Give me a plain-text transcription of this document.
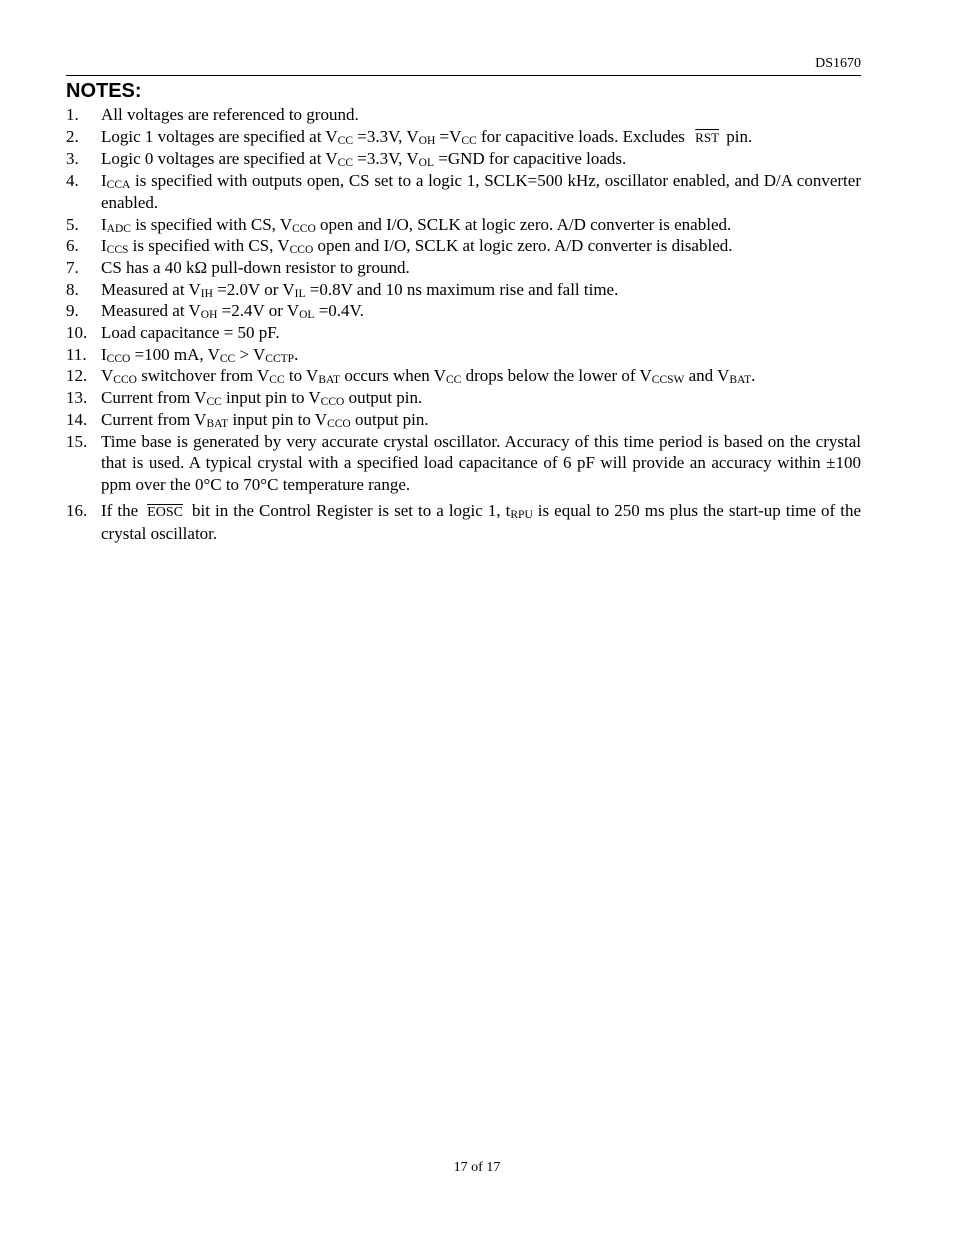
DS1670
NOTES:
1.	All voltages are referenced to ground.
2.	Logic 1 voltages are specified at $V_{CC} =3.3V$, $V_{OH} =V_{CC}$ for capacitive loads. Excludes $\overline{RST}$ pin.
3.	Logic 0 voltages are specified at $V_{CC} =3.3V$, $V_{OL} =GND$ for capacitive loads.
4.	$I_{CCA}$ is specified with outputs open, CS set to a logic 1, SCLK=500 kHz, oscillator enabled, and D/A converter enabled.
5.	$I_{ADC}$ is specified with CS, $V_{CCO}$ open and I/O, SCLK at logic zero. A/D converter is enabled.
6.	$I_{CCS}$ is specified with CS, $V_{CCO}$ open and I/O, SCLK at logic zero. A/D converter is disabled.
7.	CS has a 40 kΩ pull-down resistor to ground.
8.	Measured at $V_{IH} =2.0V$ or $V_{IL} =0.8V$ and 10 ns maximum rise and fall time.
9.	Measured at $V_{OH} =2.4V$ or $V_{OL} =0.4V$.
10. Load capacitance = 50 pF.
11. $I_{CCO} =100$ mA, $V_{CC} > V_{CCTP}$.
12. $V_{CCO}$ switchover from $V_{CC}$ to $V_{BAT}$ occurs when $V_{CC}$ drops below the lower of $V_{CCSW}$ and $V_{BAT}$.
13. Current from $V_{CC}$ input pin to $V_{CCO}$ output pin.
14. Current from $V_{BAT}$ input pin to $V_{CCO}$ output pin.
15. Time base is generated by very accurate crystal oscillator. Accuracy of this time period is based on the crystal that is used. A typical crystal with a specified load capacitance of 6 pF will provide an accuracy within ±100 ppm over the 0°C to 70°C temperature range.
16. If the EOSC bit in the Control Register is set to a logic 1, $t_{RPU}$ is equal to 250 ms plus the start-up time of the crystal oscillator.
17 of 17
